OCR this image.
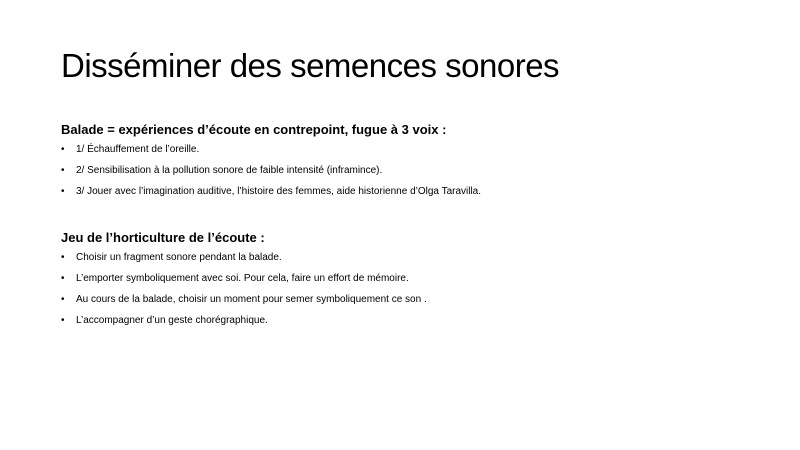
Disséminer des semences sonores

Balade = expériences d’écoute en contrepoint, fugue à 3 voix :

• 1/ Échauffement de l’oreille.
• 2/ Sensibilisation à la pollution sonore de faible intensité (inframince).
• 3/ Jouer avec l’imagination auditive, l’histoire des femmes, aide historienne d’Olga Taravilla.

Jeu de l’horticulture de l’écoute :

• Choisir un fragment sonore pendant la balade.
• L’emporter symboliquement avec soi. Pour cela, faire un effort de mémoire.
• Au cours de la balade, choisir un moment pour semer symboliquement ce son .
• L’accompagner d’un geste chorégraphique.
